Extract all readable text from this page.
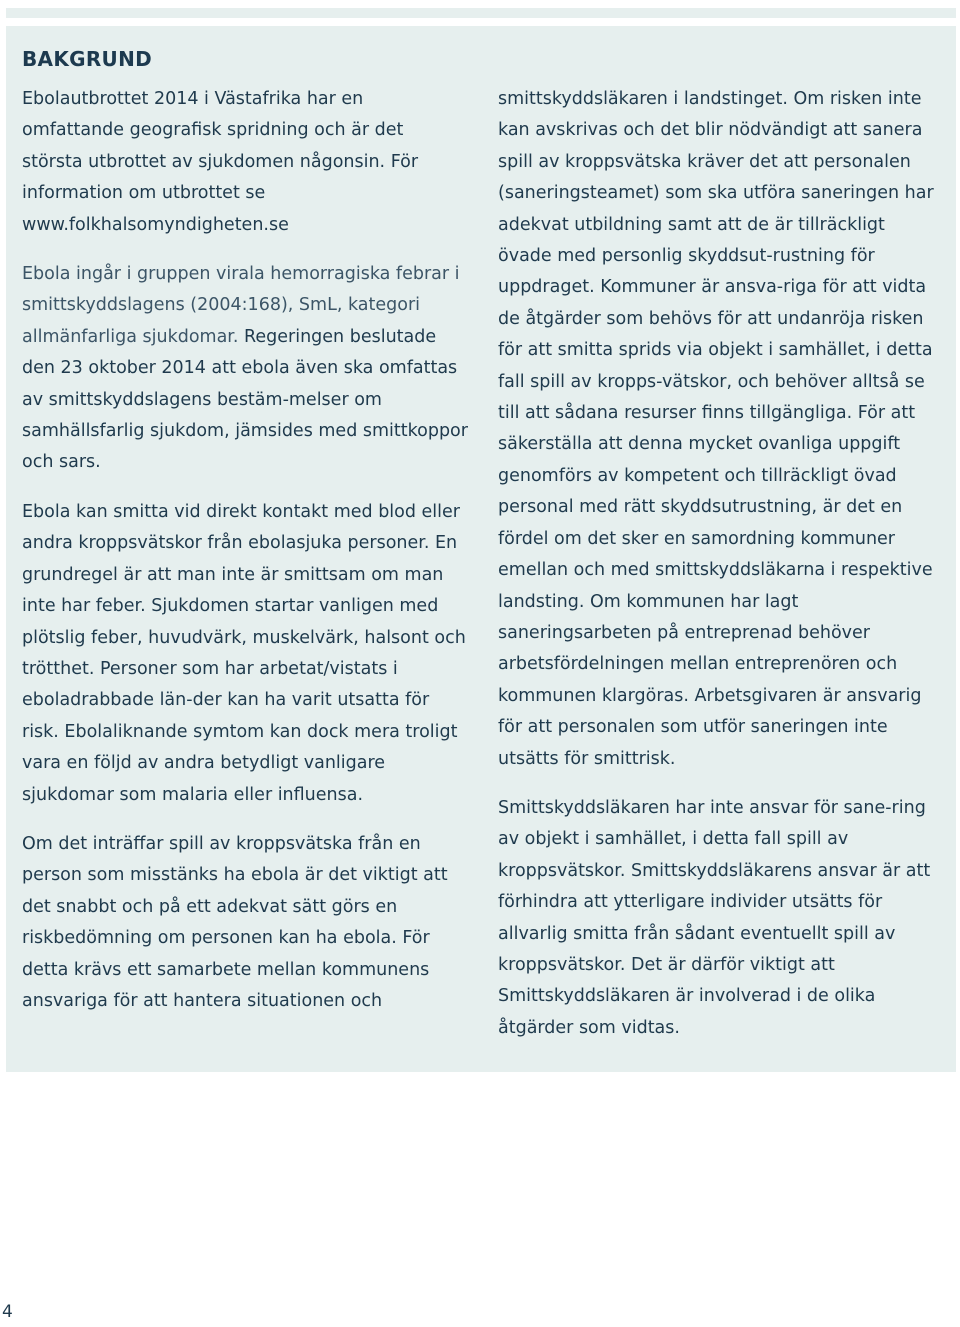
BAKGRUND

Ebolautbrottet 2014 i Västafrika har en omfattande geografisk spridning och är det största utbrottet av sjukdomen någonsin. För information om utbrottet se www.folkhalsomyndigheten.se

Ebola ingår i gruppen virala hemorragiska febrar i smittskyddslagens (2004:168), SmL, kategori allmänfarliga sjukdomar. Regeringen beslutade den 23 oktober 2014 att ebola även ska omfattas av smittskyddslagens bestäm-melser om samhällsfarlig sjukdom, jämsides med smittkoppor och sars.

Ebola kan smitta vid direkt kontakt med blod eller andra kroppsvätskor från ebolasjuka personer. En grundregel är att man inte är smittsam om man inte har feber. Sjukdomen startar vanligen med plötslig feber, huvudvärk, muskelvärk, halsont och trötthet. Personer som har arbetat/vistats i eboladrabbade län-der kan ha varit utsatta för risk. Ebolaliknande symtom kan dock mera troligt vara en följd av andra betydligt vanligare sjukdomar som malaria eller influensa.

Om det inträffar spill av kroppsvätska från en person som misstänks ha ebola är det viktigt att det snabbt och på ett adekvat sätt görs en riskbedömning om personen kan ha ebola. För detta krävs ett samarbete mellan kommunens ansvariga för att hantera situationen och

smittskyddsläkaren i landstinget. Om risken inte kan avskrivas och det blir nödvändigt att sanera spill av kroppsvätska kräver det att personalen (saneringsteamet) som ska utföra saneringen har adekvat utbildning samt att de är tillräckligt övade med personlig skyddsut-rustning för uppdraget. Kommuner är ansva-riga för att vidta de åtgärder som behövs för att undanröja risken för att smitta sprids via objekt i samhället, i detta fall spill av kropps-vätskor, och behöver alltså se till att sådana resurser finns tillgängliga. För att säkerställa att denna mycket ovanliga uppgift genomförs av kompetent och tillräckligt övad personal med rätt skyddsutrustning, är det en fördel om det sker en samordning kommuner emellan och med smittskyddsläkarna i respektive landsting. Om kommunen har lagt saneringsarbeten på entreprenad behöver arbetsfördelningen mellan entreprenören och kommunen klargöras. Arbetsgivaren är ansvarig för att personalen som utför saneringen inte utsätts för smittrisk.

Smittskyddsläkaren har inte ansvar för sane-ring av objekt i samhället, i detta fall spill av kroppsvätskor. Smittskyddsläkarens ansvar är att förhindra att ytterligare individer utsätts för allvarlig smitta från sådant eventuellt spill av kroppsvätskor. Det är därför viktigt att Smittskyddsläkaren är involverad i de olika åtgärder som vidtas.

4
